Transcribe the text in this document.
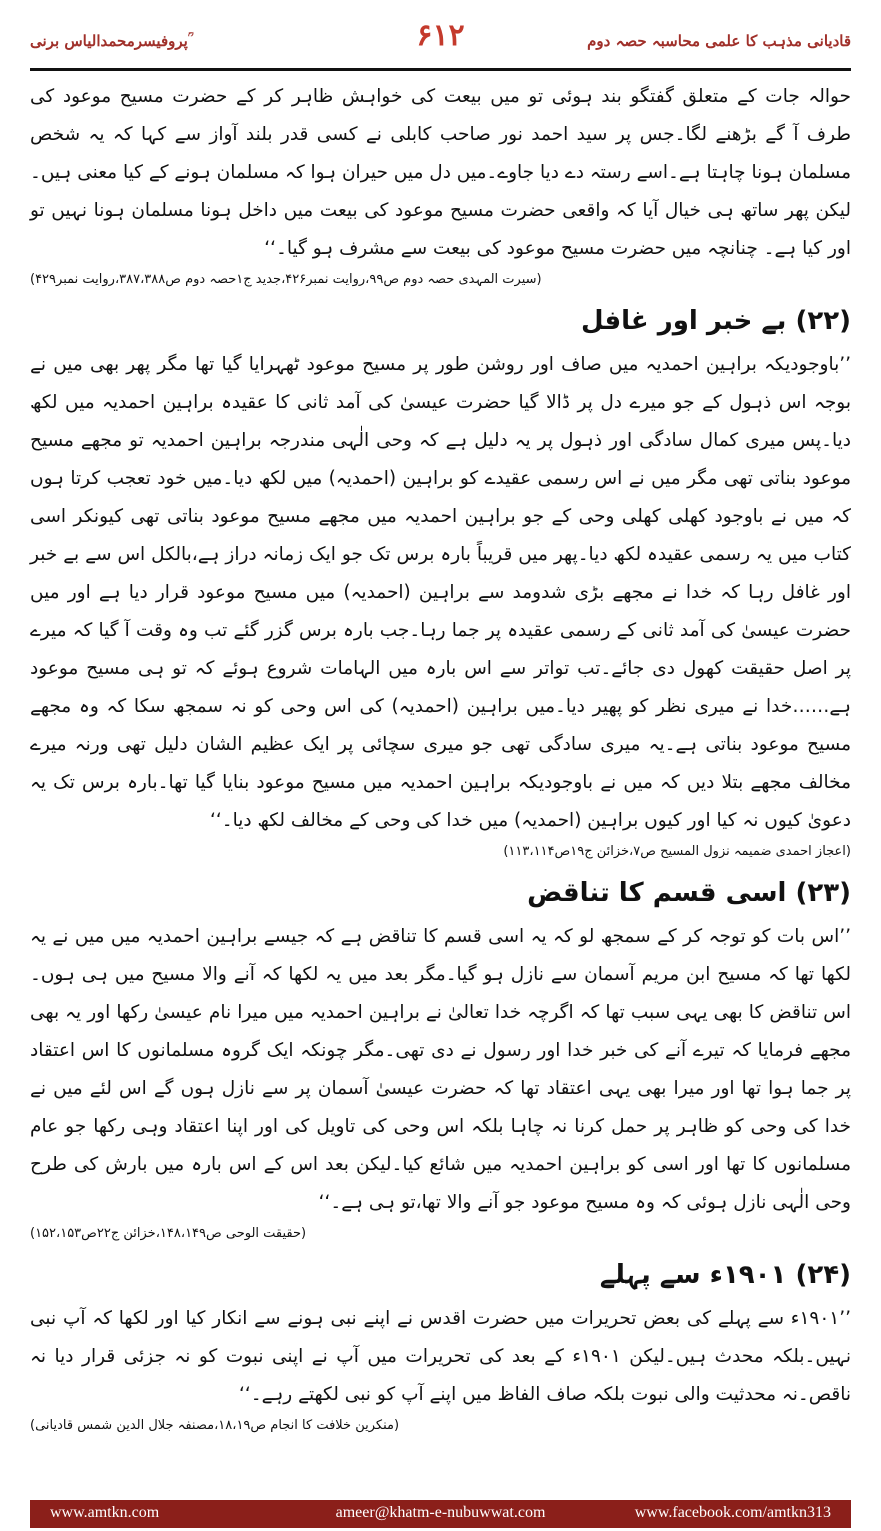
پروفیسرمحمدالیاس برنی ؒ	۶۱۲	قادیانی مذہب کا علمی محاسبہ حصہ دوم

حوالہ جات کے متعلق گفتگو بند ہوئی تو میں بیعت کی خواہش ظاہر کر کے حضرت مسیح موعود کی طرف آ گے بڑھنے لگا۔جس پر سید احمد نور صاحب کابلی نے کسی قدر بلند آواز سے کہا کہ یہ شخص مسلمان ہونا چاہتا ہے۔اسے رستہ دے دیا جاوے۔میں دل میں حیران ہوا کہ مسلمان ہونے کے کیا معنی ہیں۔لیکن پھر ساتھ ہی خیال آیا کہ واقعی حضرت مسیح موعود کی بیعت میں داخل ہونا مسلمان ہونا نہیں تو اور کیا ہے۔ چنانچہ میں حضرت مسیح موعود کی بیعت سے مشرف ہو گیا۔‘‘

(سیرت المہدی حصہ دوم ص۹۹،روایت نمبر۴۲۶،جدید ج۱حصہ دوم ص۳۸۷،۳۸۸،روایت نمبر۴۲۹)
(۲۲) بے خبر اور غافل

’’باوجودیکہ براہین احمدیہ میں صاف اور روشن طور پر مسیح موعود ٹھہرایا گیا تھا مگر پھر بھی میں نے بوجہ اس ذہول کے جو میرے دل پر ڈالا گیا حضرت عیسیٰ کی آمد ثانی کا عقیدہ براہین احمدیہ میں لکھ دیا۔پس میری کمال سادگی اور ذہول پر یہ دلیل ہے کہ وحی الٰہی مندرجہ براہین احمدیہ تو مجھے مسیح موعود بناتی تھی مگر میں نے اس رسمی عقیدے کو براہین (احمدیہ) میں لکھ دیا۔میں خود تعجب کرتا ہوں کہ میں نے باوجود کھلی کھلی وحی کے جو براہین احمدیہ میں مجھے مسیح موعود بناتی تھی کیونکر اسی کتاب میں یہ رسمی عقیدہ لکھ دیا۔پھر میں قریباً بارہ برس تک جو ایک زمانہ دراز ہے،بالکل اس سے بے خبر اور غافل رہا کہ خدا نے مجھے بڑی شدومد سے براہین (احمدیہ) میں مسیح موعود قرار دیا ہے اور میں حضرت عیسیٰ کی آمد ثانی کے رسمی عقیدہ پر جما رہا۔جب بارہ برس گزر گئے تب وہ وقت آ گیا کہ میرے پر اصل حقیقت کھول دی جائے۔تب تواتر سے اس بارہ میں الہامات شروع ہوئے کہ تو ہی مسیح موعود ہے……خدا نے میری نظر کو پھیر دیا۔میں براہین (احمدیہ) کی اس وحی کو نہ سمجھ سکا کہ وہ مجھے مسیح موعود بناتی ہے۔یہ میری سادگی تھی جو میری سچائی پر ایک عظیم الشان دلیل تھی ورنہ میرے مخالف مجھے بتلا دیں کہ میں نے باوجودیکہ براہین احمدیہ میں مسیح موعود بنایا گیا تھا۔بارہ برس تک یہ دعویٰ کیوں نہ کیا اور کیوں براہین (احمدیہ) میں خدا کی وحی کے مخالف لکھ دیا۔‘‘

(اعجاز احمدی ضمیمہ نزول المسیح ص۷،خزائن ج۱۹ص۱۱۳،۱۱۴)
(۲۳) اسی قسم کا تناقض

’’اس بات کو توجہ کر کے سمجھ لو کہ یہ اسی قسم کا تناقض ہے کہ جیسے براہین احمدیہ میں میں نے یہ لکھا تھا کہ مسیح ابن مریم آسمان سے نازل ہو گیا۔مگر بعد میں یہ لکھا کہ آنے والا مسیح میں ہی ہوں۔اس تناقض کا بھی یہی سبب تھا کہ اگرچہ خدا تعالیٰ نے براہین احمدیہ میں میرا نام عیسیٰ رکھا اور یہ بھی مجھے فرمایا کہ تیرے آنے کی خبر خدا اور رسول نے دی تھی۔مگر چونکہ ایک گروہ مسلمانوں کا اس اعتقاد پر جما ہوا تھا اور میرا بھی یہی اعتقاد تھا کہ حضرت عیسیٰ آسمان پر سے نازل ہوں گے اس لئے میں نے خدا کی وحی کو ظاہر پر حمل کرنا نہ چاہا بلکہ اس وحی کی تاویل کی اور اپنا اعتقاد وہی رکھا جو عام مسلمانوں کا تھا اور اسی کو براہین احمدیہ میں شائع کیا۔لیکن بعد اس کے اس بارہ میں بارش کی طرح وحی الٰہی نازل ہوئی کہ وہ مسیح موعود جو آنے والا تھا،تو ہی ہے۔‘‘

(حقیقت الوحی ص۱۴۸،۱۴۹،خزائن ج۲۲ص۱۵۲،۱۵۳)
(۲۴) ۱۹۰۱ء سے پہلے

’’۱۹۰۱ء سے پہلے کی بعض تحریرات میں حضرت اقدس نے اپنے نبی ہونے سے انکار کیا اور لکھا کہ آپ نبی نہیں۔بلکہ محدث ہیں۔لیکن ۱۹۰۱ء کے بعد کی تحریرات میں آپ نے اپنی نبوت کو نہ جزئی قرار دیا نہ ناقص۔نہ محدثیت والی نبوت بلکہ صاف الفاظ میں اپنے آپ کو نبی لکھتے رہے۔‘‘

(منکرین خلافت کا انجام ص۱۸،۱۹،مصنفہ جلال الدین شمس قادیانی)
www.amtkn.com	ameer@khatm-e-nubuwwat.com	www.facebook.com/amtkn313
